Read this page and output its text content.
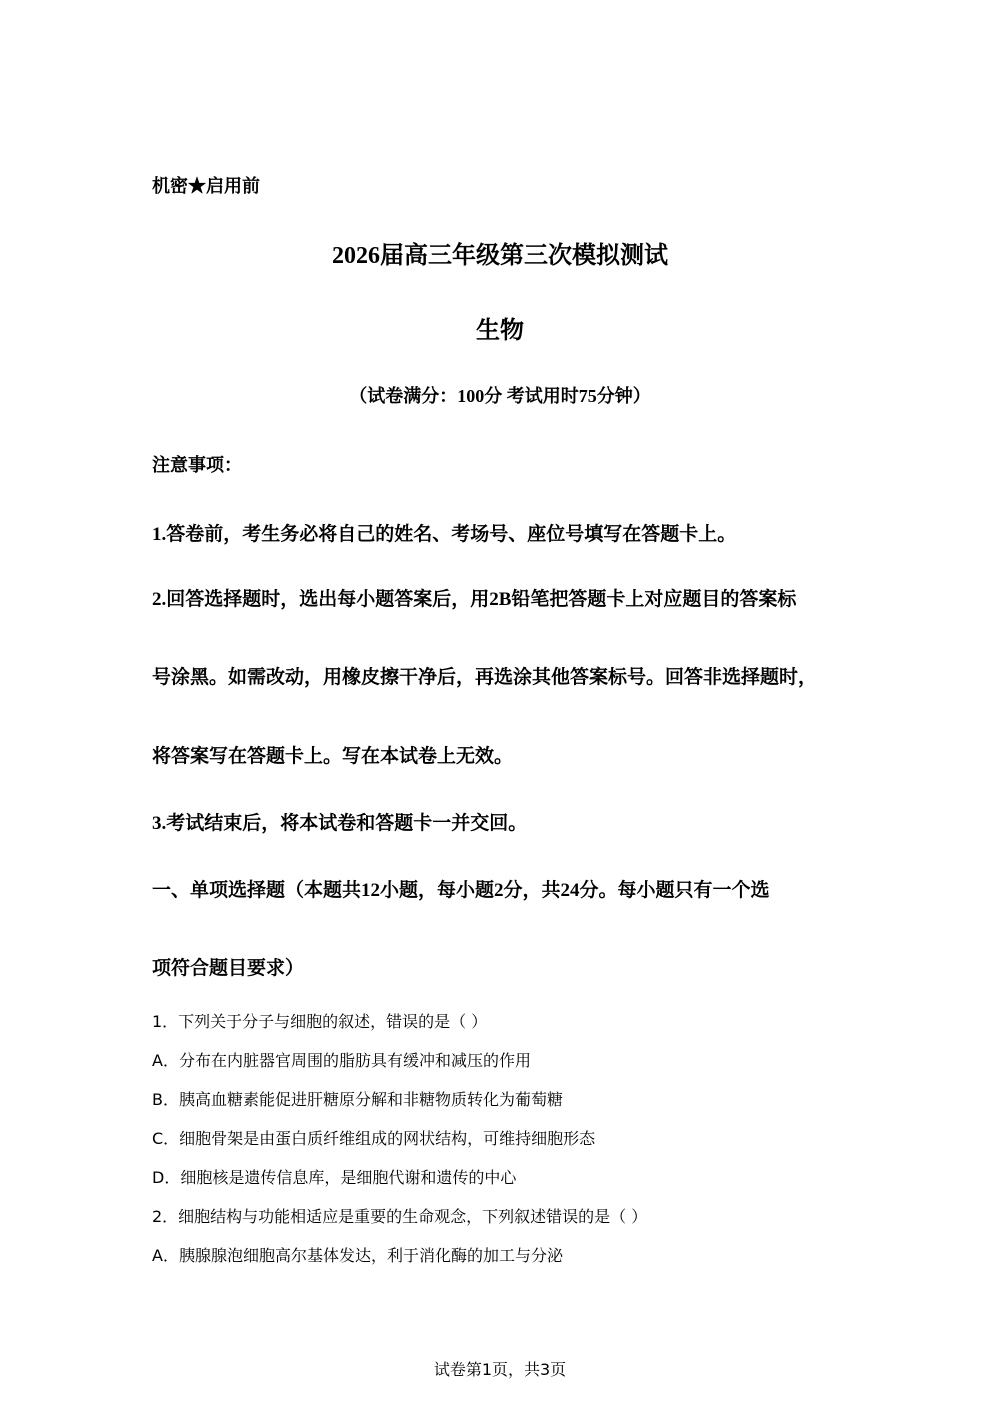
机密★启用前
2026届高三年级第三次模拟测试
生物
（试卷满分：100分 考试用时75分钟）
注意事项：
1.答卷前，考生务必将自己的姓名、考场号、座位号填写在答题卡上。
2.回答选择题时，选出每小题答案后，用2B铅笔把答题卡上对应题目的答案标
号涂黑。如需改动，用橡皮擦干净后，再选涂其他答案标号。回答非选择题时，
将答案写在答题卡上。写在本试卷上无效。
3.考试结束后，将本试卷和答题卡一并交回。
一、单项选择题（本题共12小题，每小题2分，共24分。每小题只有一个选
项符合题目要求）
1．下列关于分子与细胞的叙述，错误的是（ ）
A．分布在内脏器官周围的脂肪具有缓冲和减压的作用
B．胰高血糖素能促进肝糖原分解和非糖物质转化为葡萄糖
C．细胞骨架是由蛋白质纤维组成的网状结构，可维持细胞形态
D．细胞核是遗传信息库，是细胞代谢和遗传的中心
2．细胞结构与功能相适应是重要的生命观念，下列叙述错误的是（ ）
A．胰腺腺泡细胞高尔基体发达，利于消化酶的加工与分泌
试卷第1页，共3页
